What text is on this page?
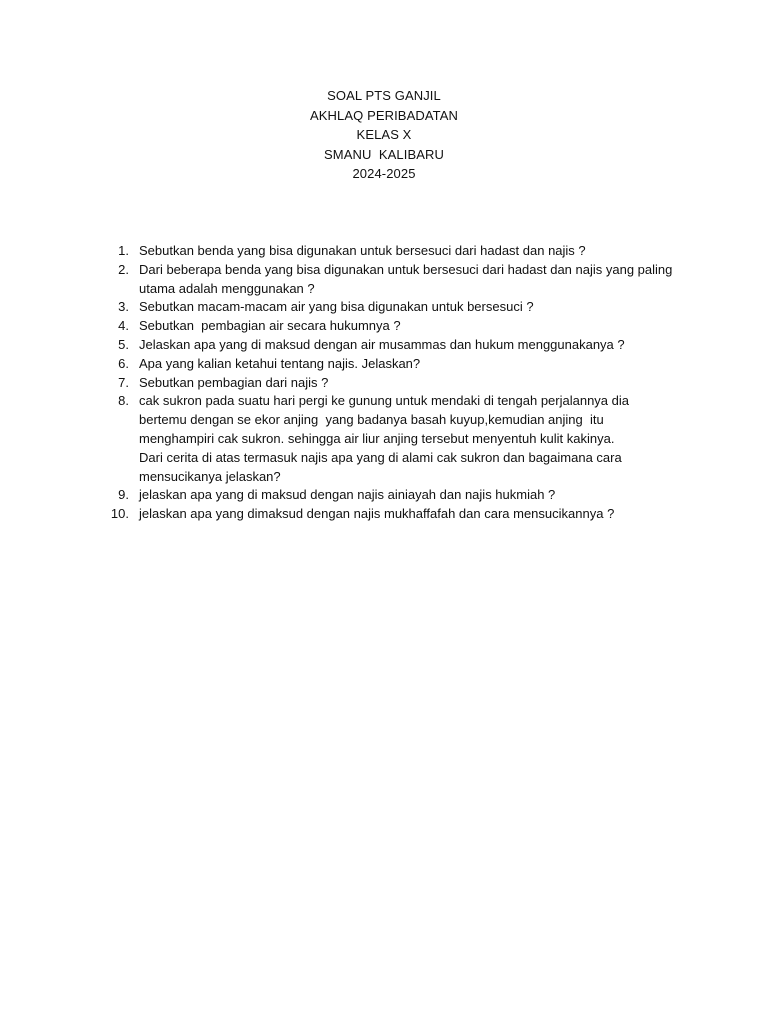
SOAL PTS GANJIL
AKHLAQ PERIBADATAN
KELAS X
SMANU  KALIBARU
2024-2025
1. Sebutkan benda yang bisa digunakan untuk bersesuci dari hadast dan najis ?
2. Dari beberapa benda yang bisa digunakan untuk bersesuci dari hadast dan najis yang paling
utama adalah menggunakan ?
3. Sebutkan macam-macam air yang bisa digunakan untuk bersesuci ?
4. Sebutkan  pembagian air secara hukumnya ?
5. Jelaskan apa yang di maksud dengan air musammas dan hukum menggunakanya ?
6. Apa yang kalian ketahui tentang najis. Jelaskan?
7. Sebutkan pembagian dari najis ?
8. cak sukron pada suatu hari pergi ke gunung untuk mendaki di tengah perjalannya dia
bertemu dengan se ekor anjing  yang badanya basah kuyup,kemudian anjing  itu
menghampiri cak sukron. sehingga air liur anjing tersebut menyentuh kulit kakinya.
Dari cerita di atas termasuk najis apa yang di alami cak sukron dan bagaimana cara
mensucikanya jelaskan?
9. jelaskan apa yang di maksud dengan najis ainiayah dan najis hukmiah ?
10. jelaskan apa yang dimaksud dengan najis mukhaffafah dan cara mensucikannya ?
